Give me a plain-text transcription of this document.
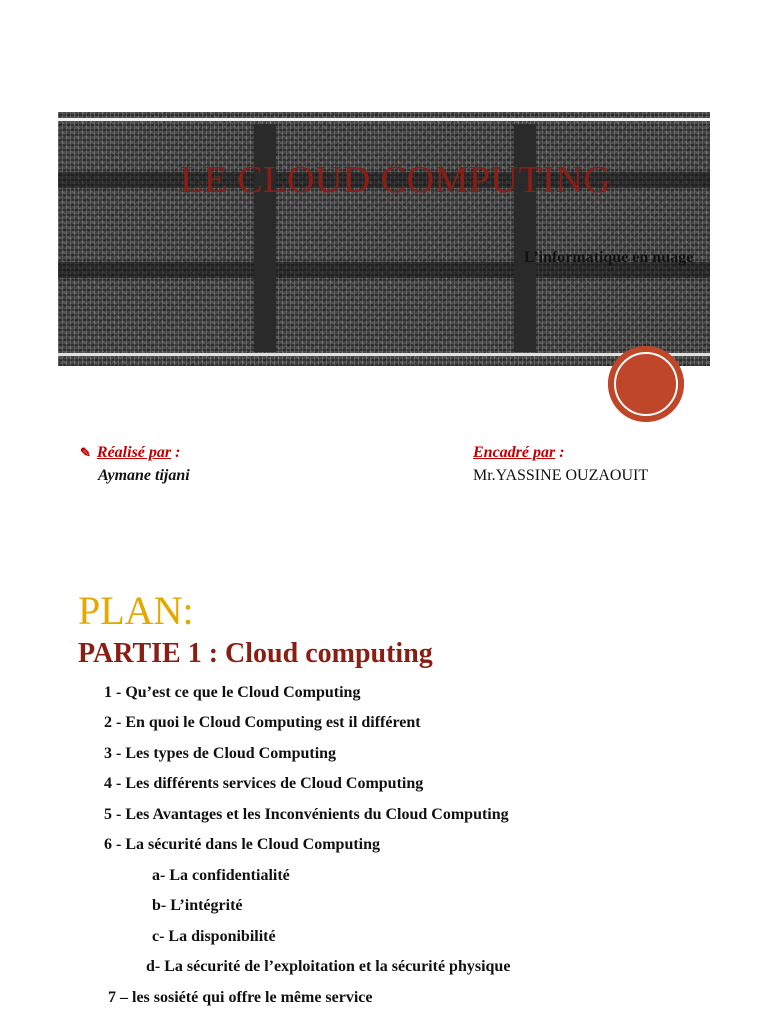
LE CLOUD COMPUTING
L’informatique en nuage
✎ Réalisé par :
Aymane tijani
Encadré par :
Mr.YASSINE OUZAOUIT
PLAN:
PARTIE 1 : Cloud computing
1 - Qu’est ce que le Cloud Computing
2 - En quoi le Cloud Computing est il différent
3 - Les types de Cloud Computing
4 - Les différents services de Cloud Computing
5 - Les Avantages et les Inconvénients du Cloud Computing
6 - La sécurité dans le Cloud Computing
a- La confidentialité
b- L’intégrité
c- La disponibilité
d- La sécurité de l’exploitation et la sécurité physique
7 – les sosiété qui offre le même service
